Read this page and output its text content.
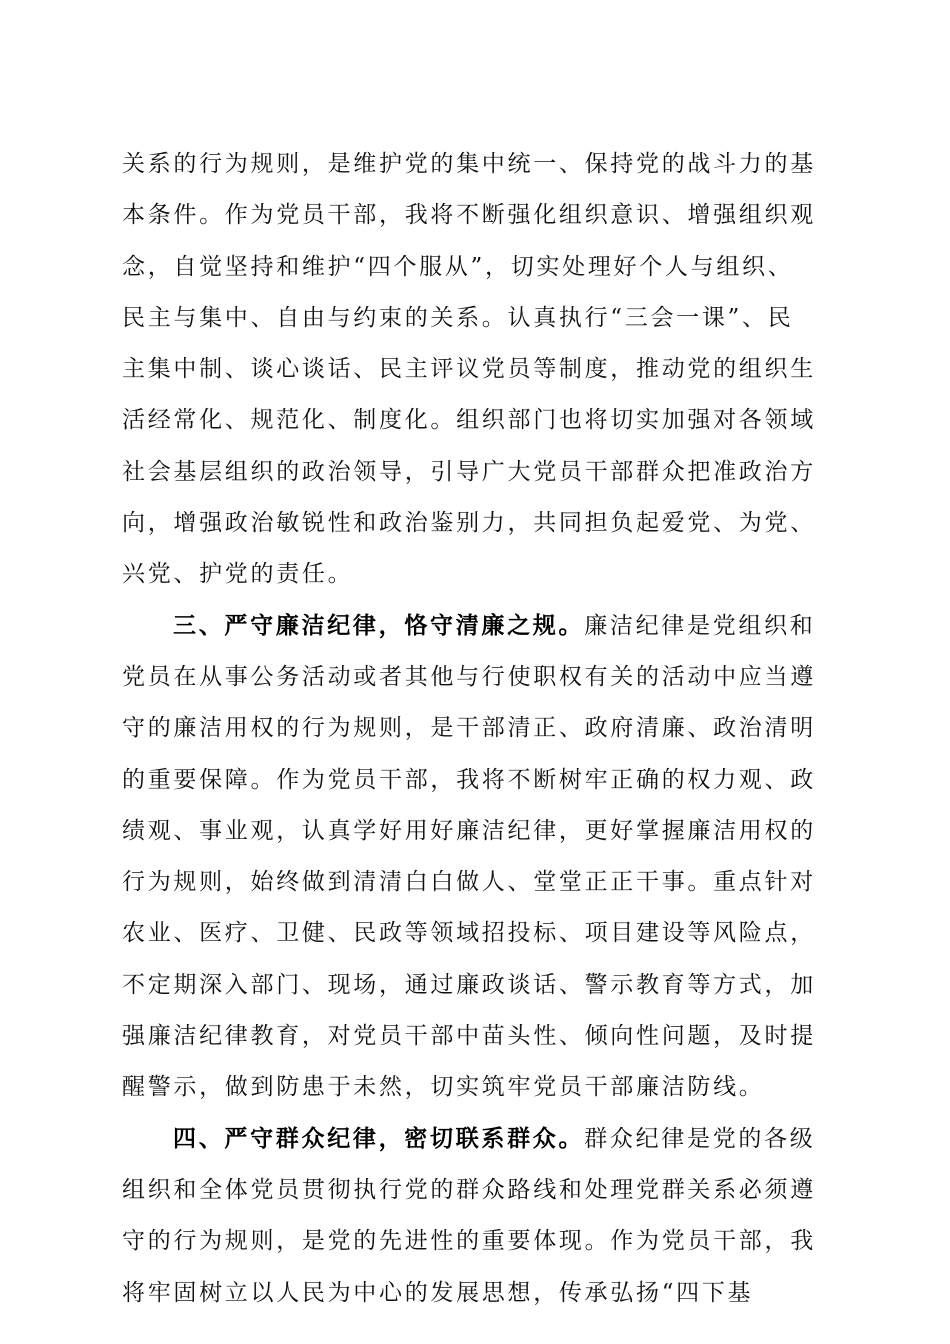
关系的行为规则，是维护党的集中统一、保持党的战斗力的基
本条件。作为党员干部，我将不断强化组织意识、增强组织观
念，自觉坚持和维护“四个服从”，切实处理好个人与组织、
民主与集中、自由与约束的关系。认真执行“三会一课”、民
主集中制、谈心谈话、民主评议党员等制度，推动党的组织生
活经常化、规范化、制度化。组织部门也将切实加强对各领域
社会基层组织的政治领导，引导广大党员干部群众把准政治方
向，增强政治敏锐性和政治鉴别力，共同担负起爱党、为党、
兴党、护党的责任。
三、严守廉洁纪律，恪守清廉之规。廉洁纪律是党组织和
党员在从事公务活动或者其他与行使职权有关的活动中应当遵
守的廉洁用权的行为规则，是干部清正、政府清廉、政治清明
的重要保障。作为党员干部，我将不断树牢正确的权力观、政
绩观、事业观，认真学好用好廉洁纪律，更好掌握廉洁用权的
行为规则，始终做到清清白白做人、堂堂正正干事。重点针对
农业、医疗、卫健、民政等领域招投标、项目建设等风险点，
不定期深入部门、现场，通过廉政谈话、警示教育等方式，加
强廉洁纪律教育，对党员干部中苗头性、倾向性问题，及时提
醒警示，做到防患于未然，切实筑牢党员干部廉洁防线。
四、严守群众纪律，密切联系群众。群众纪律是党的各级
组织和全体党员贯彻执行党的群众路线和处理党群关系必须遵
守的行为规则，是党的先进性的重要体现。作为党员干部，我
将牢固树立以人民为中心的发展思想，传承弘扬“四下基
